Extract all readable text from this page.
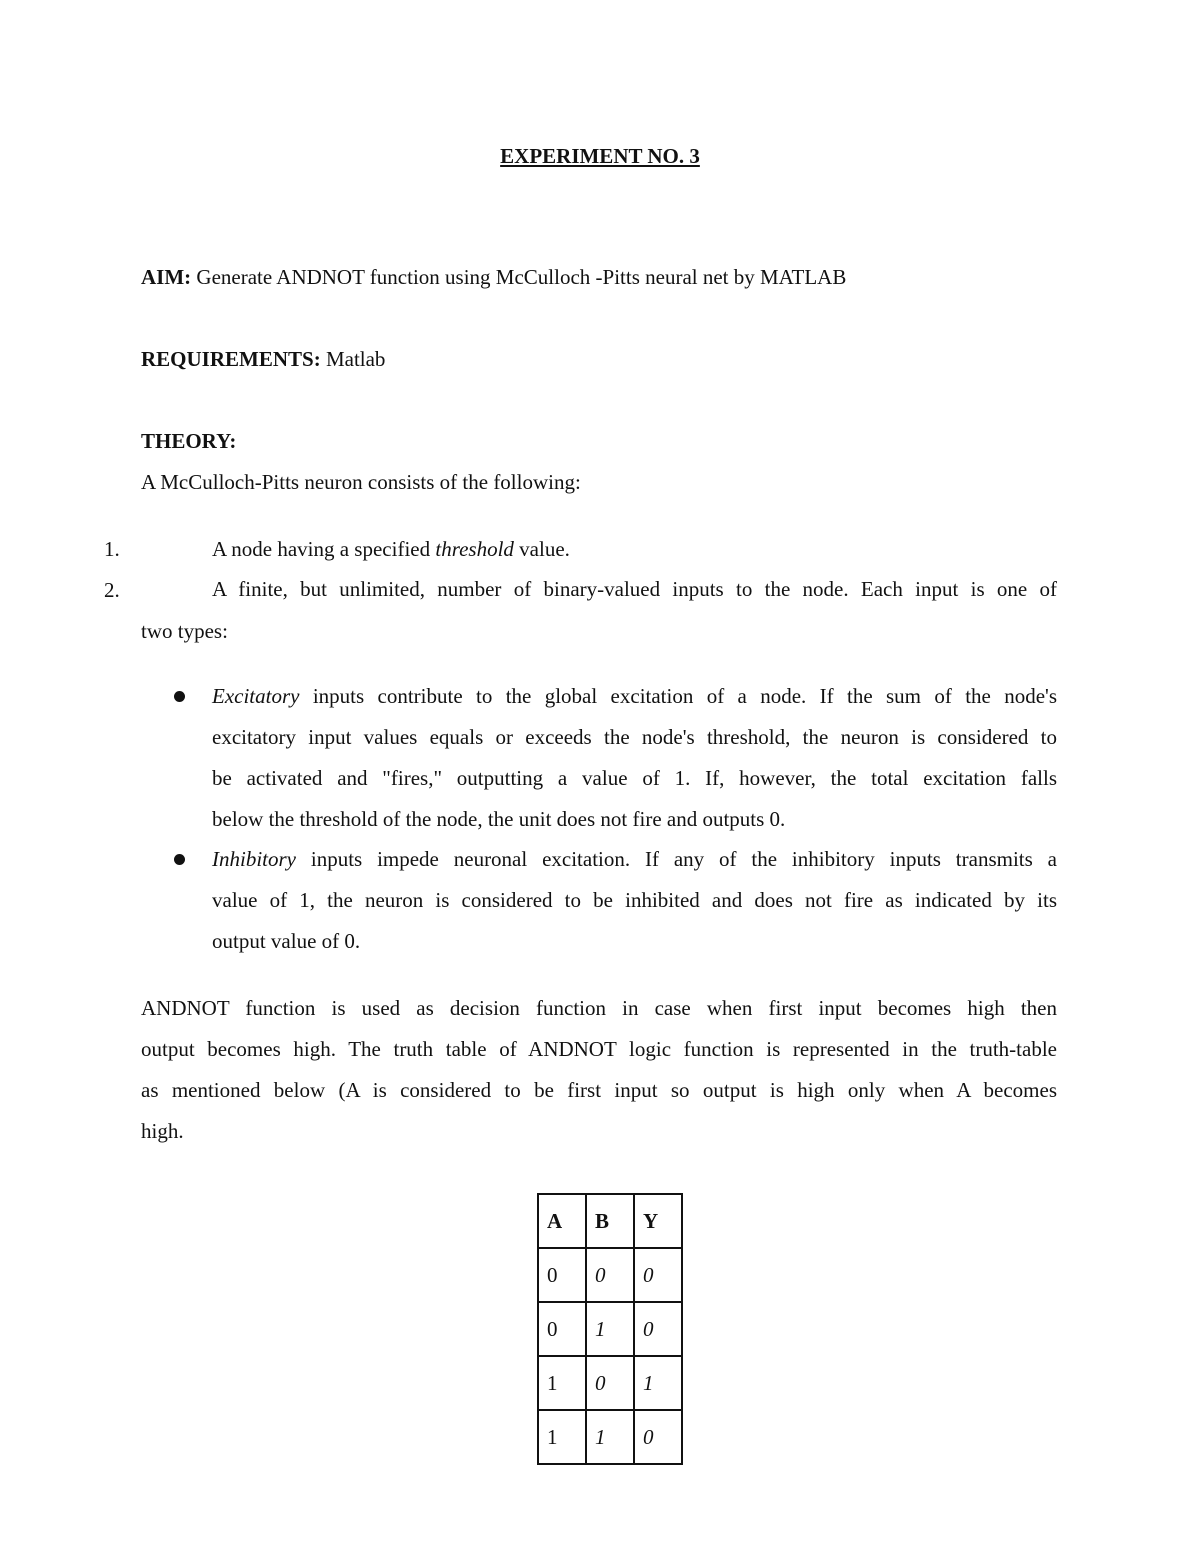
EXPERIMENT NO. 3
AIM: Generate ANDNOT function using McCulloch -Pitts neural net by MATLAB
REQUIREMENTS: Matlab
THEORY:
A McCulloch-Pitts neuron consists of the following:
1.	A node having a specified threshold value.
2.	A finite, but unlimited, number of binary-valued inputs to the node. Each input is one of
two types:
Excitatory inputs contribute to the global excitation of a node. If the sum of the node's
excitatory input values equals or exceeds the node's threshold, the neuron is considered to
be activated and "fires," outputting a value of 1. If, however, the total excitation falls
below the threshold of the node, the unit does not fire and outputs 0.
Inhibitory inputs impede neuronal excitation. If any of the inhibitory inputs transmits a
value of 1, the neuron is considered to be inhibited and does not fire as indicated by its
output value of 0.
ANDNOT function is used as decision function in case when first input becomes high then
output becomes high. The truth table of ANDNOT logic function is represented in the truth-table
as mentioned below (A is considered to be first input so output is high only when A becomes
high.
A	B	Y
0	0	0
0	1	0
1	0	1
1	1	0
